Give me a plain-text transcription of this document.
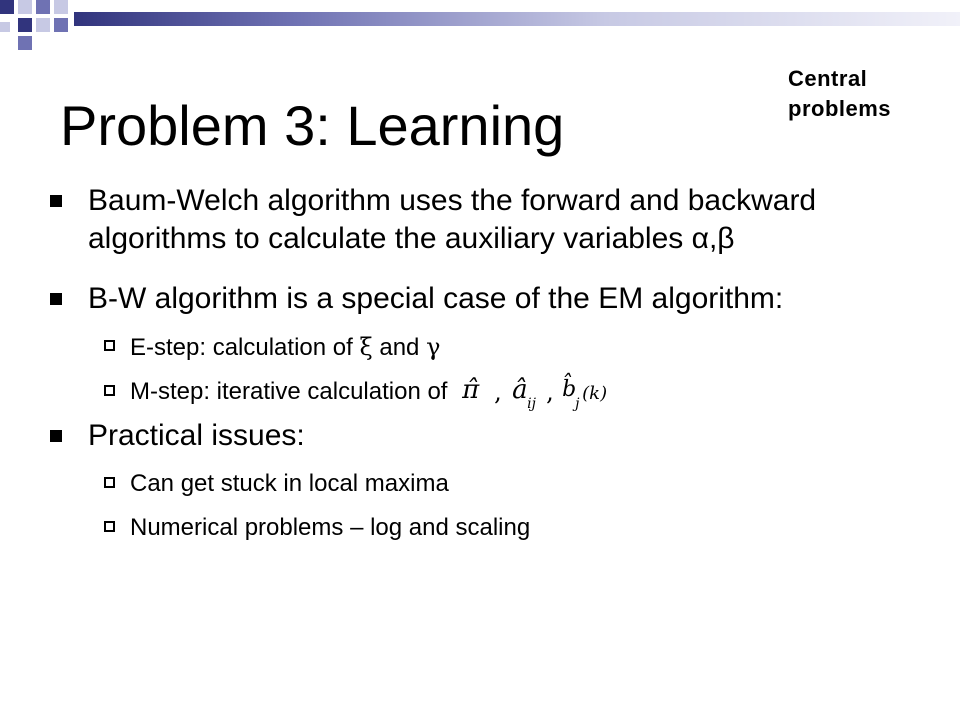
Problem 3: Learning
Central
problems
Baum-Welch algorithm uses the forward and backward algorithms to calculate the auxiliary variables α,β
B-W algorithm is a special case of the EM algorithm:
E-step: calculation of ξ and γ
M-step: iterative calculation of π̂ , â ij , b̂
j (k)
Practical issues:
Can get stuck in local maxima
Numerical problems – log and scaling
